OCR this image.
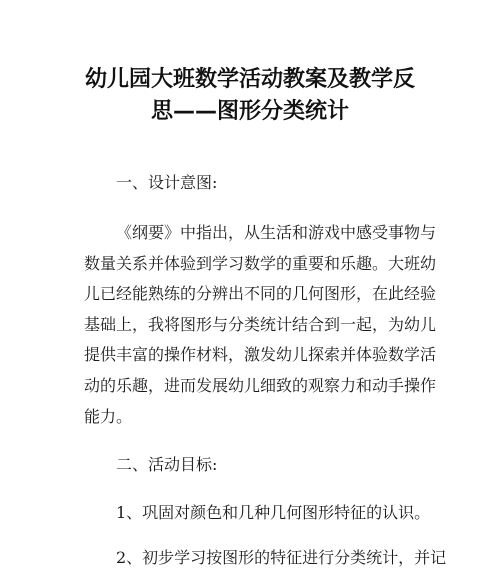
幼儿园大班数学活动教案及教学反
思——图形分类统计
一、设计意图:
《纲要》中指出，从生活和游戏中感受事物与
数量关系并体验到学习数学的重要和乐趣。大班幼
儿已经能熟练的分辨出不同的几何图形，在此经验
基础上，我将图形与分类统计结合到一起，为幼儿
提供丰富的操作材料，激发幼儿探索并体验数学活
动的乐趣，进而发展幼儿细致的观察力和动手操作
能力。
二、活动目标:
1、巩固对颜色和几种几何图形特征的认识。
2、初步学习按图形的特征进行分类统计，并记
